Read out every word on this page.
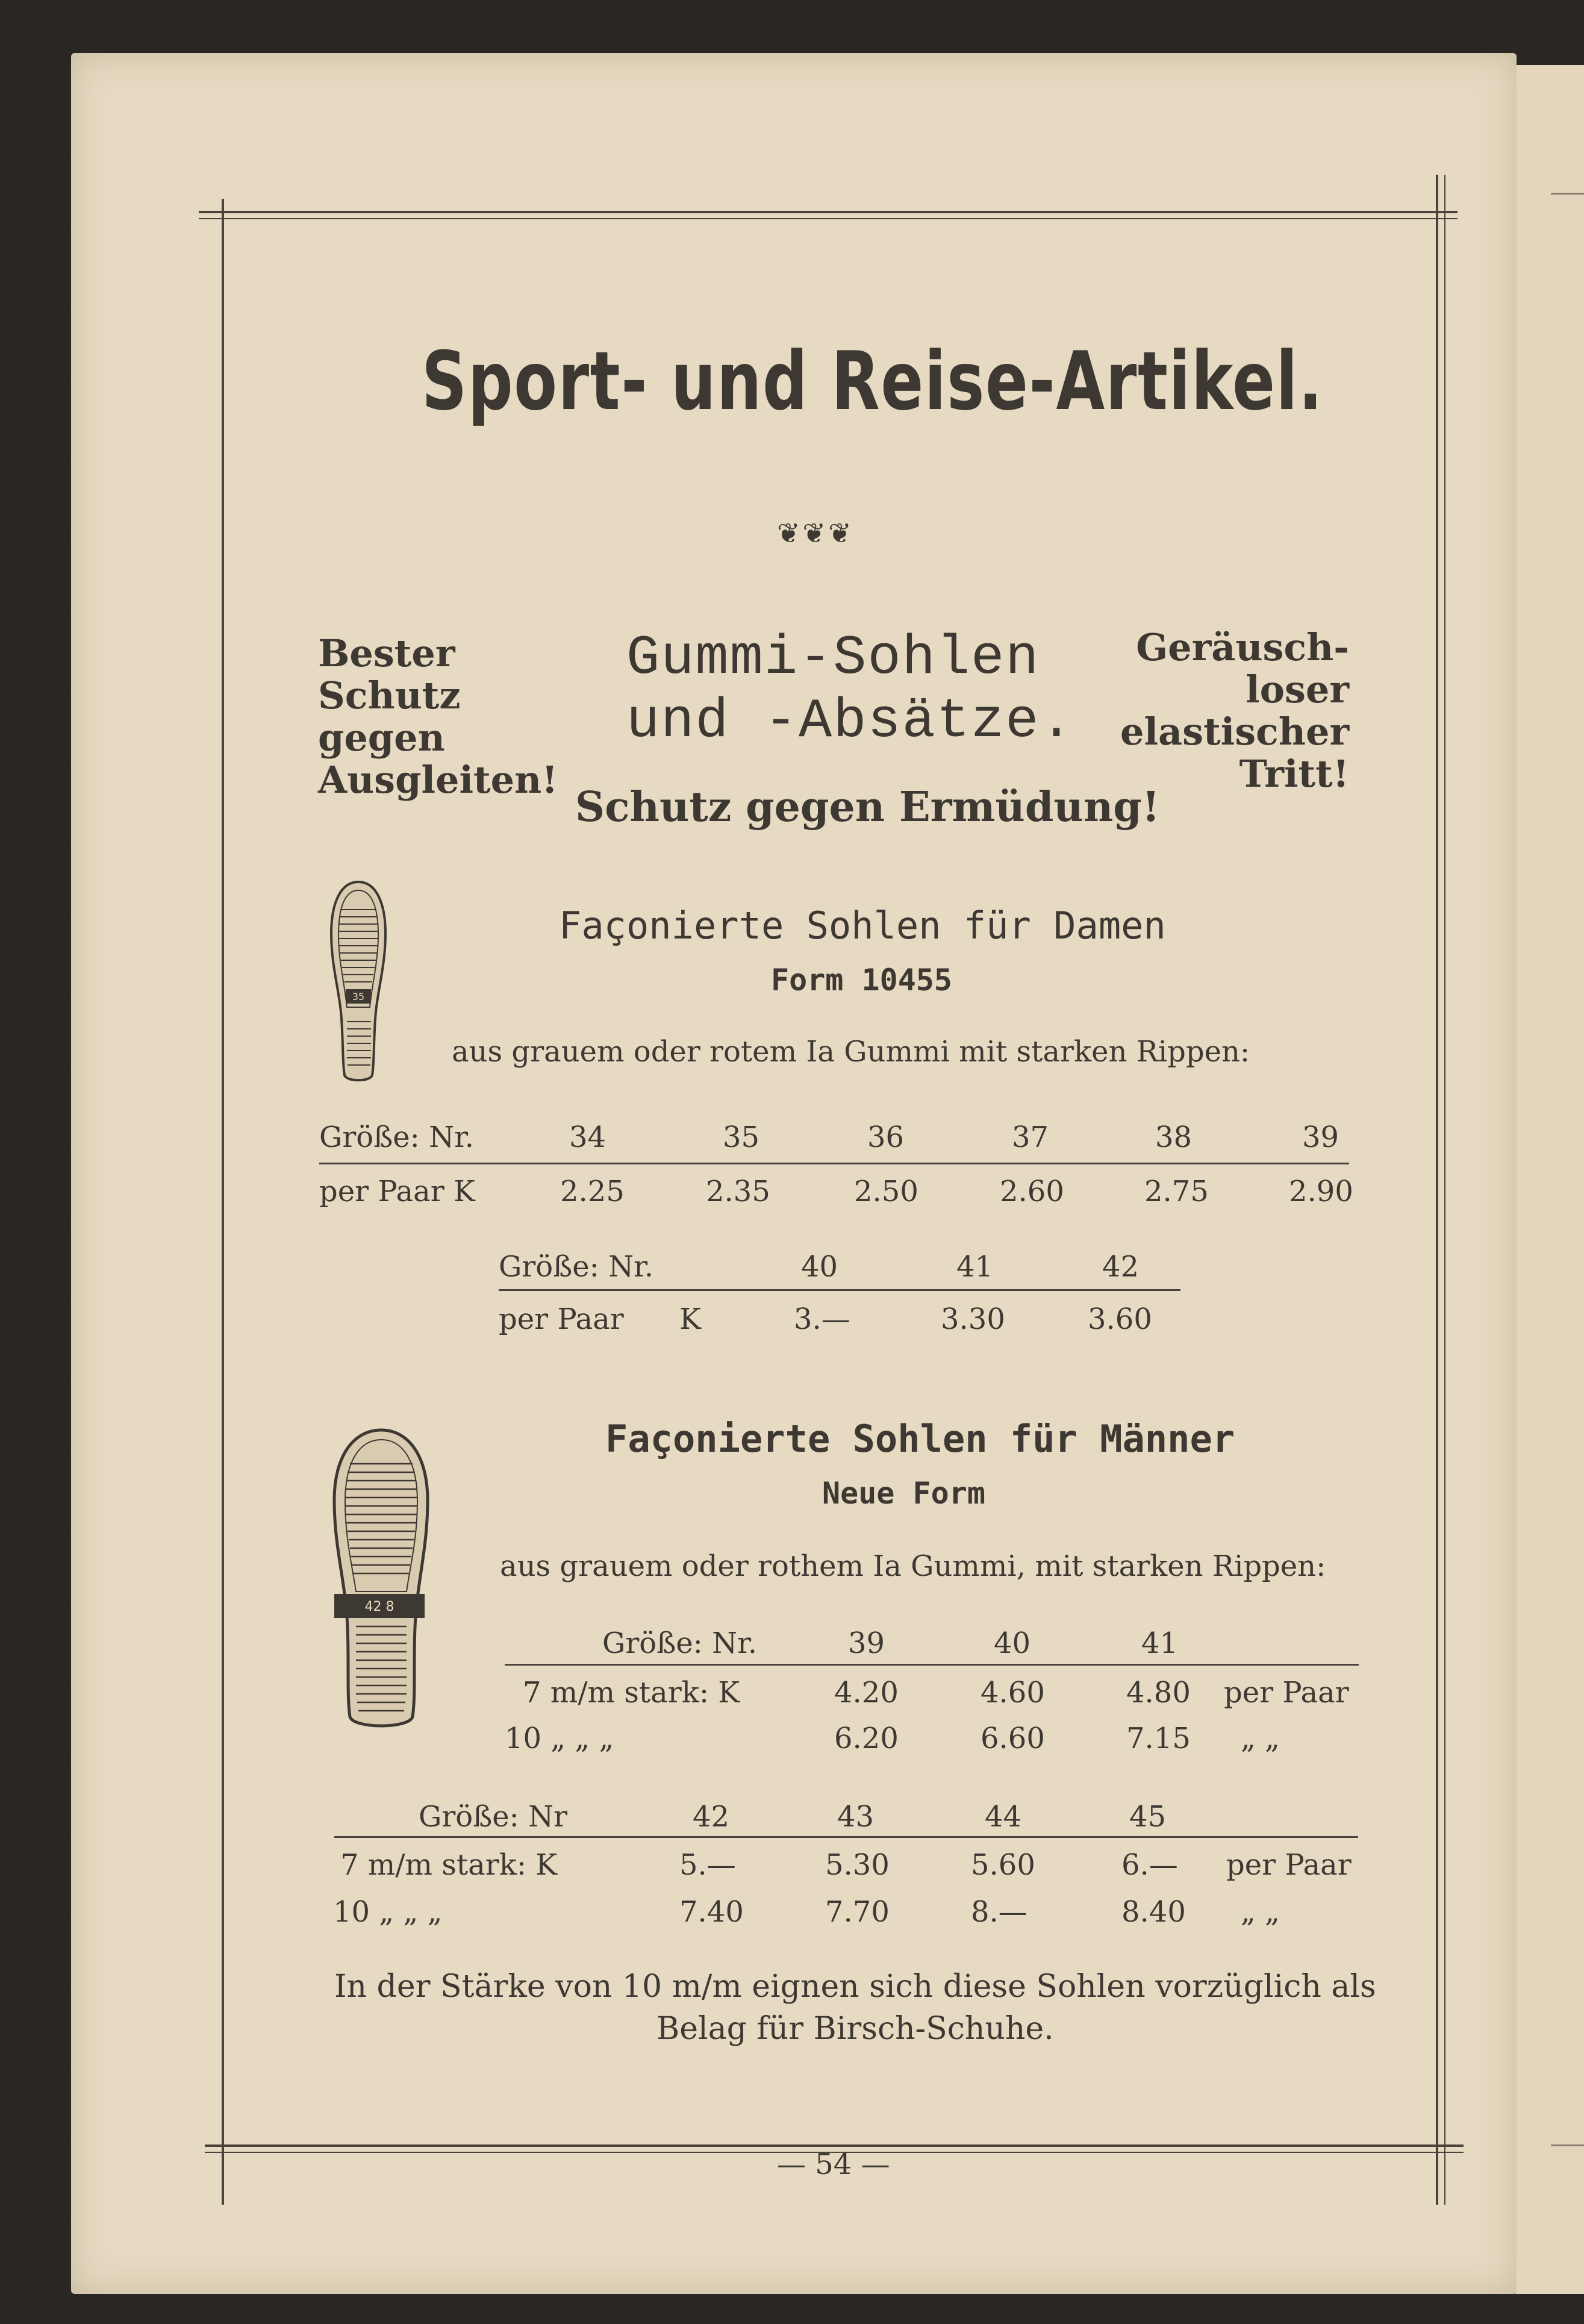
Sport- und Reise-Artikel.
❦❦❦
Bester
Schutz
gegen
Ausgleiten!
Geräusch-
loser
elastischer
Tritt!
Gummi-Sohlen
und -Absätze.
Schutz gegen Ermüdung!
35
Façonierte Sohlen für Damen
Form 10455
aus grauem oder rotem Ia Gummi mit starken Rippen:
Größe: Nr.	34	35	36	37	38	39
per Paar K	2.25	2.35	2.50	2.60	2.75	2.90
Größe: Nr.	40	41	42
per Paar K	3.—	3.30	3.60
42 8
Façonierte Sohlen für Männer
Neue Form
aus grauem oder rothem Ia Gummi, mit starken Rippen:
Größe: Nr.	39	40	41
7 m/m stark: K	4.20	4.60	4.80 per Paar
10 „ „ „	6.20	6.60	7.15 „ „
Größe: Nr	42	43	44	45
7 m/m stark: K	5.—	5.30	5.60	6.— per Paar
10 „ „ „	7.40	7.70	8.—	8.40 „ „
In der Stärke von 10 m/m eignen sich diese Sohlen vorzüglich als
Belag für Birsch-Schuhe.
— 54 —
